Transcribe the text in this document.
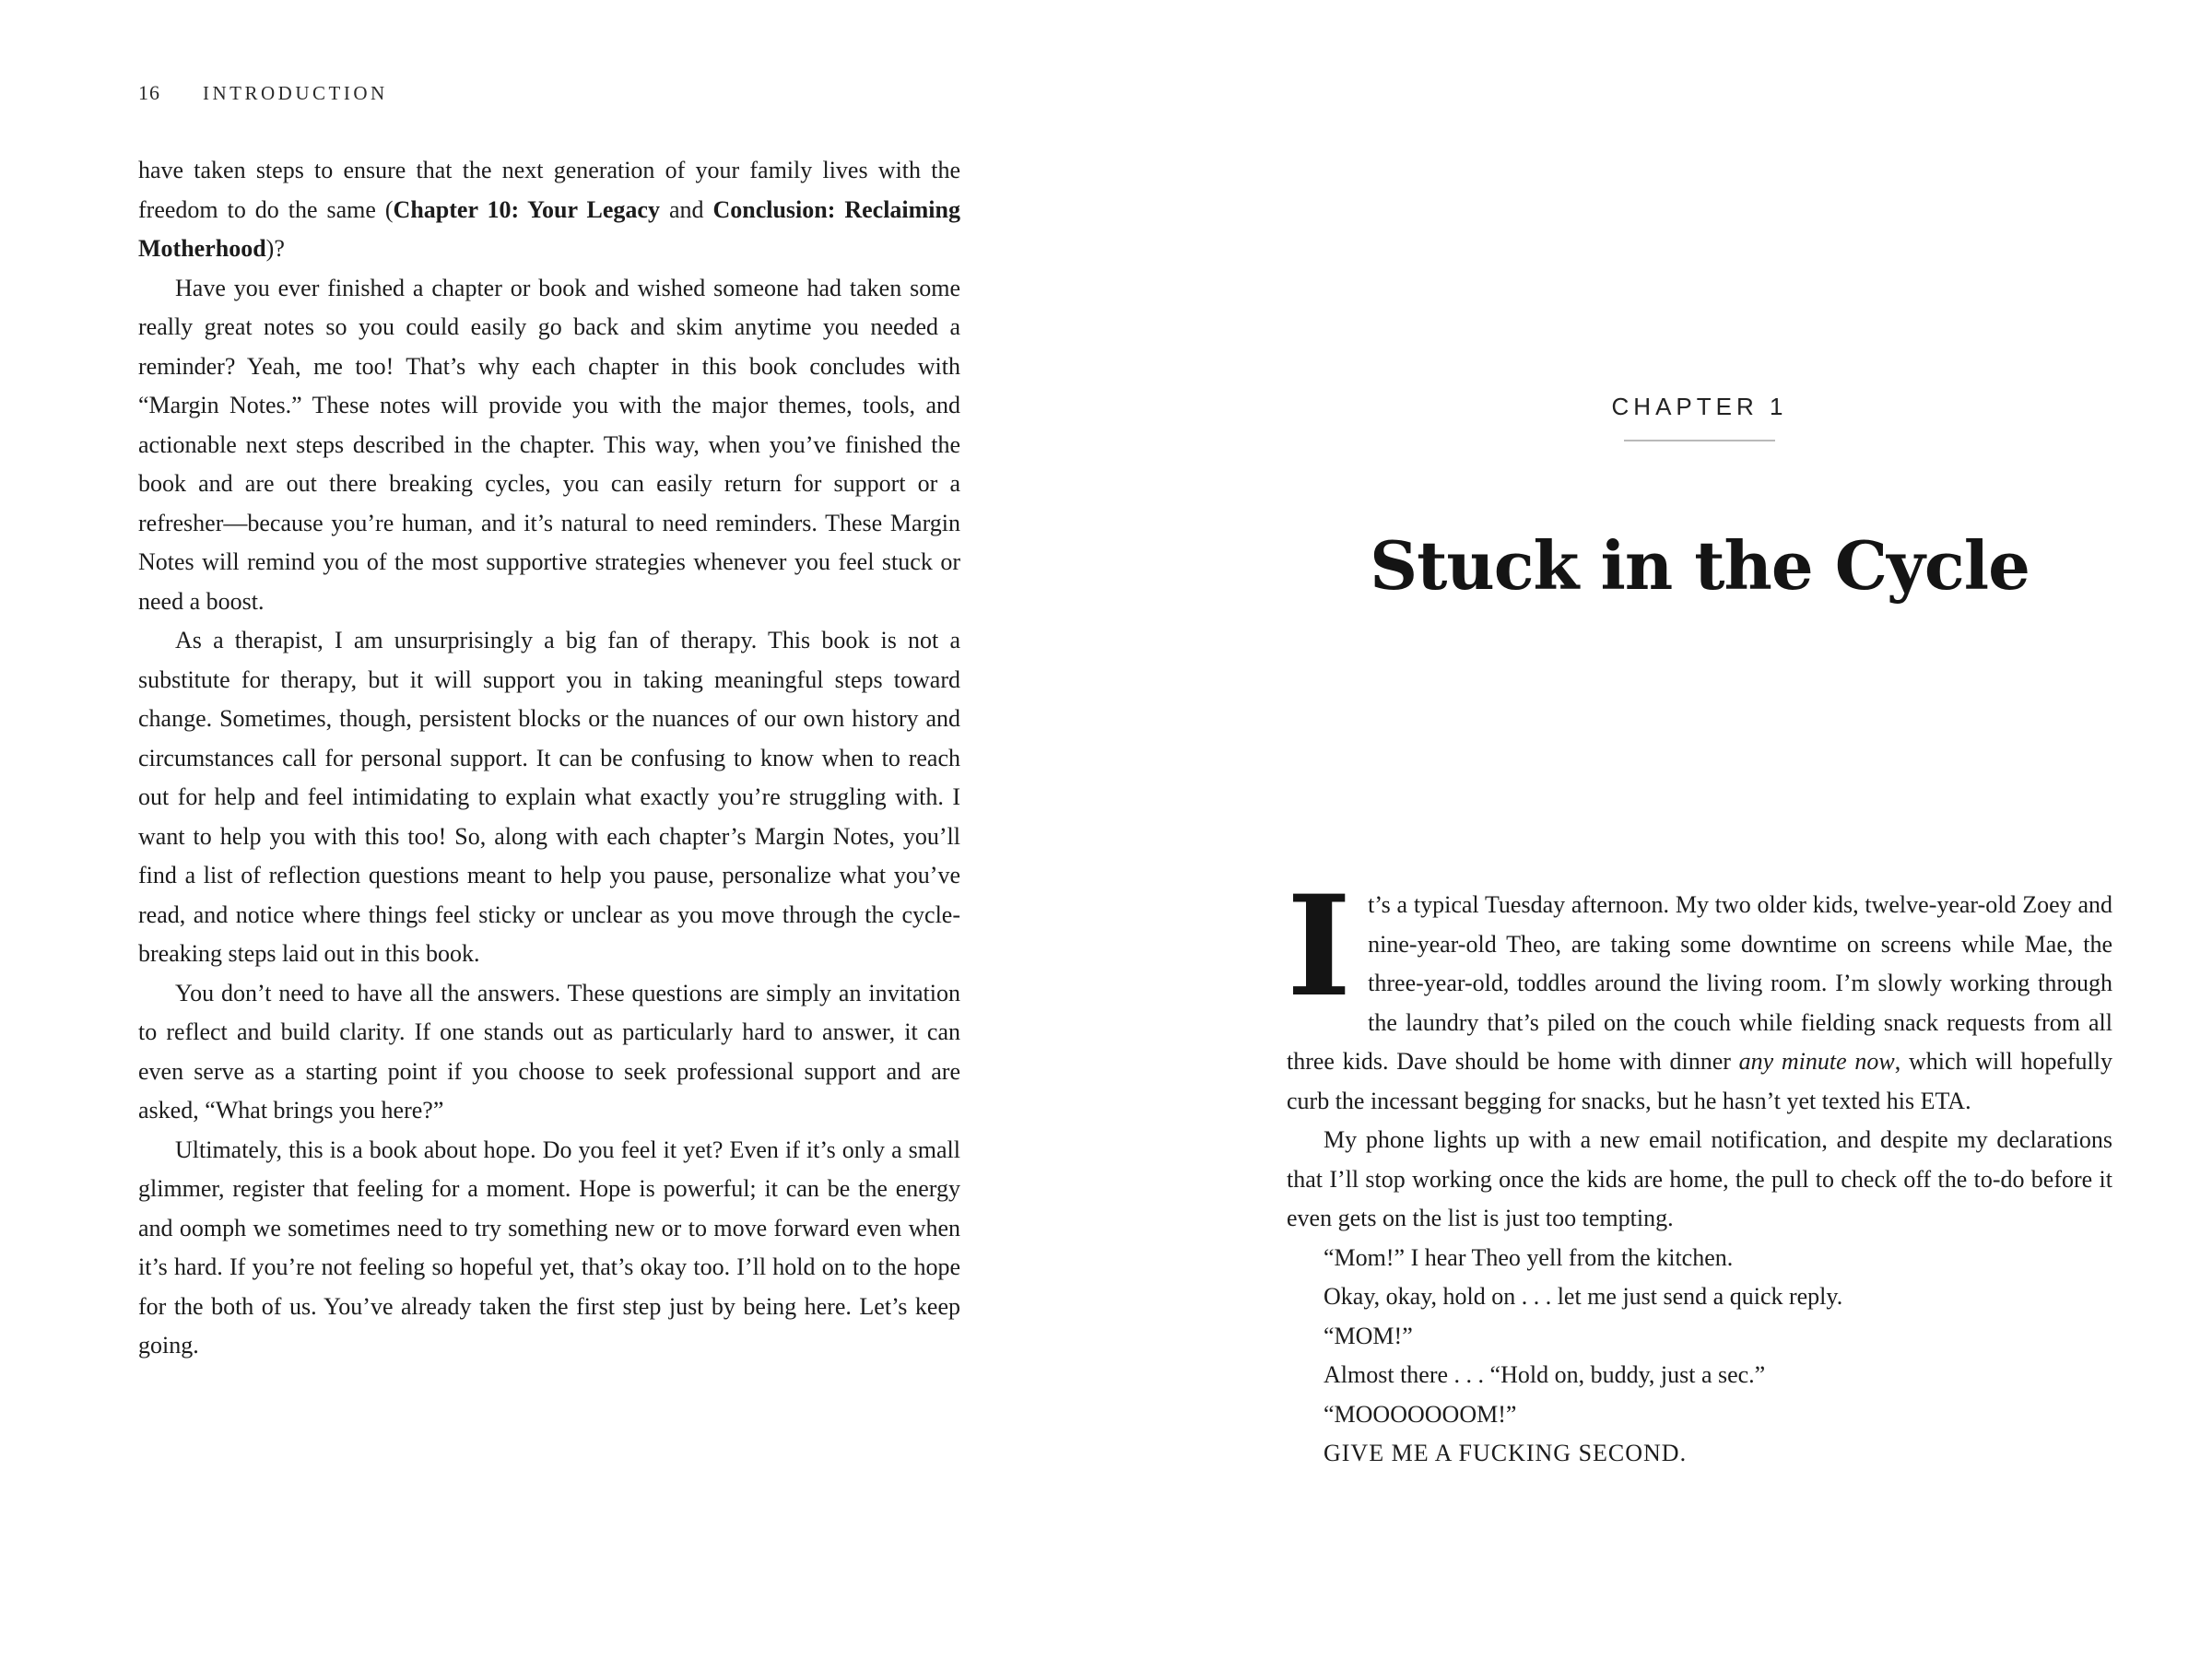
16 INTRODUCTION

have taken steps to ensure that the next generation of your family lives with the freedom to do the same (Chapter 10: Your Legacy and Conclusion: Reclaiming Motherhood)?

Have you ever finished a chapter or book and wished someone had taken some really great notes so you could easily go back and skim anytime you needed a reminder? Yeah, me too! That’s why each chapter in this book concludes with “Margin Notes.” These notes will provide you with the major themes, tools, and actionable next steps described in the chapter. This way, when you’ve finished the book and are out there breaking cycles, you can easily return for support or a refresher—because you’re human, and it’s natural to need reminders. These Margin Notes will remind you of the most supportive strategies whenever you feel stuck or need a boost.

As a therapist, I am unsurprisingly a big fan of therapy. This book is not a substitute for therapy, but it will support you in taking meaningful steps toward change. Sometimes, though, persistent blocks or the nuances of our own history and circumstances call for personal support. It can be confusing to know when to reach out for help and feel intimidating to explain what exactly you’re struggling with. I want to help you with this too! So, along with each chapter’s Margin Notes, you’ll find a list of reflection questions meant to help you pause, personalize what you’ve read, and notice where things feel sticky or unclear as you move through the cycle-breaking steps laid out in this book.

You don’t need to have all the answers. These questions are simply an invitation to reflect and build clarity. If one stands out as particularly hard to answer, it can even serve as a starting point if you choose to seek professional support and are asked, “What brings you here?”

Ultimately, this is a book about hope. Do you feel it yet? Even if it’s only a small glimmer, register that feeling for a moment. Hope is powerful; it can be the energy and oomph we sometimes need to try something new or to move forward even when it’s hard. If you’re not feeling so hopeful yet, that’s okay too. I’ll hold on to the hope for the both of us. You’ve already taken the first step just by being here. Let’s keep going.

CHAPTER 1
Stuck in the Cycle

It’s a typical Tuesday afternoon. My two older kids, twelve-year-old Zoey and nine-year-old Theo, are taking some downtime on screens while Mae, the three-year-old, toddles around the living room. I’m slowly working through the laundry that’s piled on the couch while fielding snack requests from all three kids. Dave should be home with dinner any minute now, which will hopefully curb the incessant begging for snacks, but he hasn’t yet texted his ETA.

My phone lights up with a new email notification, and despite my declarations that I’ll stop working once the kids are home, the pull to check off the to-do before it even gets on the list is just too tempting.

“Mom!” I hear Theo yell from the kitchen.

Okay, okay, hold on . . . let me just send a quick reply.

“MOM!”

Almost there . . . “Hold on, buddy, just a sec.”

“MOOOOOOOM!”

GIVE ME A FUCKING SECOND.
